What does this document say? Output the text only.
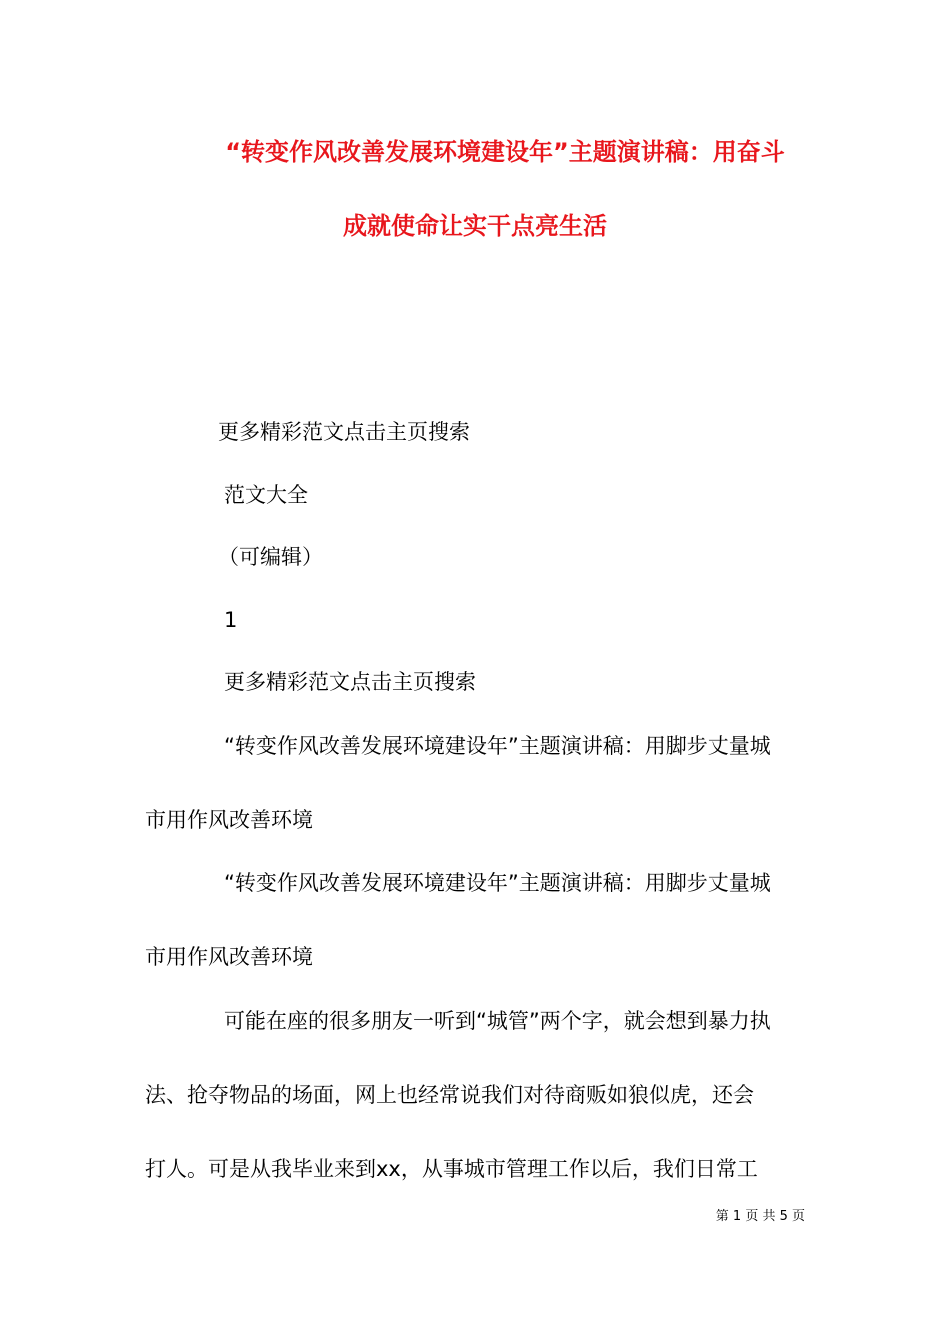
“转变作风改善发展环境建设年”主题演讲稿：用奋斗
成就使命让实干点亮生活
更多精彩范文点击主页搜索
范文大全
（可编辑）
1
更多精彩范文点击主页搜索
“转变作风改善发展环境建设年”主题演讲稿：用脚步丈量城
市用作风改善环境
“转变作风改善发展环境建设年”主题演讲稿：用脚步丈量城
市用作风改善环境
可能在座的很多朋友一听到“城管”两个字，就会想到暴力执
法、抢夺物品的场面，网上也经常说我们对待商贩如狼似虎，还会
打人。可是从我毕业来到xx，从事城市管理工作以后，我们日常工
第 1 页 共 5 页
